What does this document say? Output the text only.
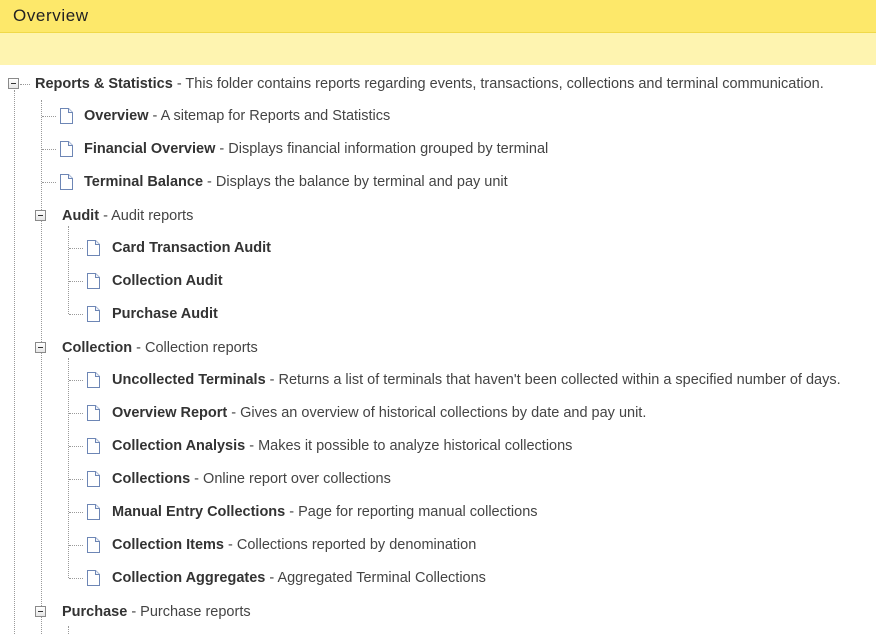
Overview
Reports & Statistics - This folder contains reports regarding events, transactions, collections and terminal communication.
Overview - A sitemap for Reports and Statistics
Financial Overview - Displays financial information grouped by terminal
Terminal Balance - Displays the balance by terminal and pay unit
Audit - Audit reports
Card Transaction Audit
Collection Audit
Purchase Audit
Collection - Collection reports
Uncollected Terminals - Returns a list of terminals that haven't been collected within a specified number of days.
Overview Report - Gives an overview of historical collections by date and pay unit.
Collection Analysis - Makes it possible to analyze historical collections
Collections - Online report over collections
Manual Entry Collections - Page for reporting manual collections
Collection Items - Collections reported by denomination
Collection Aggregates - Aggregated Terminal Collections
Purchase - Purchase reports
